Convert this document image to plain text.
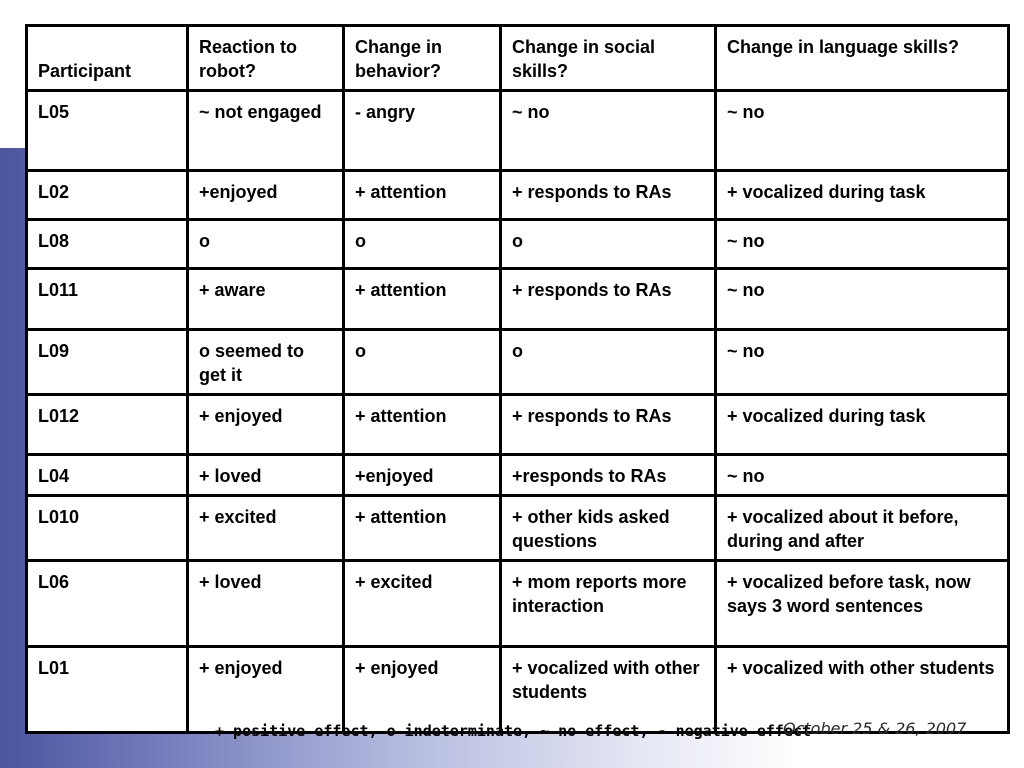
Participant	Reaction to robot?	Change in behavior?	Change in social skills?	Change in language skills?
L05	~ not engaged	- angry	~ no	~ no
L02	+enjoyed	+ attention	+ responds to RAs	+ vocalized during task
L08	o	o	o	~ no
L011	+ aware	+ attention	+ responds to RAs	~ no
L09	o seemed to get it	o	o	~ no
L012	+ enjoyed	+ attention	+ responds to RAs	+ vocalized during task
L04	+ loved	+enjoyed	+responds to RAs	~ no
L010	+ excited	+ attention	+ other kids asked questions	+ vocalized about it before, during and after
L06	+ loved	+ excited	+ mom reports more interaction	+ vocalized before task, now says 3 word sentences
L01	+ enjoyed	+ enjoyed	+ vocalized with other students	+ vocalized with other students
+ positive effect, o indeterminate, ~ no effect, - negative effect
October 25 & 26, 2007
